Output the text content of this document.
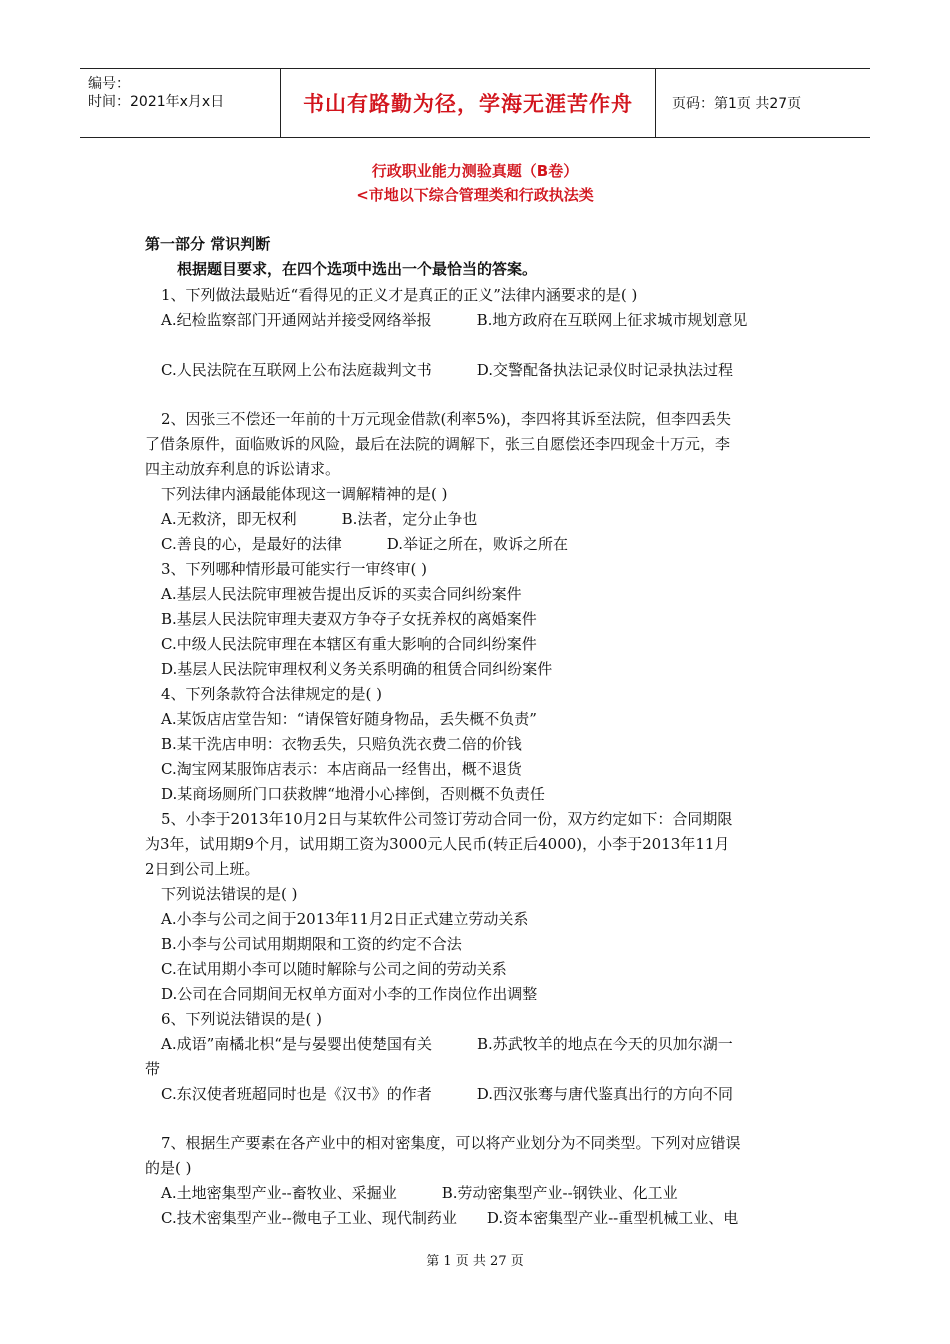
编号：
时间：2021年x月x日	书山有路勤为径，学海无涯苦作舟	页码：第1页 共27页
行政职业能力测验真题（B卷）
<市地以下综合管理类和行政执法类
第一部分 常识判断
根据题目要求，在四个选项中选出一个最恰当的答案。
1、下列做法最贴近“看得见的正义才是真正的正义”法律内涵要求的是( )
A.纪检监察部门开通网站并接受网络举报　　　B.地方政府在互联网上征求城市规划意见
C.人民法院在互联网上公布法庭裁判文书　　　D.交警配备执法记录仪时记录执法过程
2、因张三不偿还一年前的十万元现金借款(利率5%)，李四将其诉至法院，但李四丢失
了借条原件，面临败诉的风险，最后在法院的调解下，张三自愿偿还李四现金十万元，李
四主动放弃利息的诉讼请求。
下列法律内涵最能体现这一调解精神的是( )
A.无救济，即无权利　　　B.法者，定分止争也
C.善良的心，是最好的法律　　　D.举证之所在，败诉之所在
3、下列哪种情形最可能实行一审终审( )
A.基层人民法院审理被告提出反诉的买卖合同纠纷案件
B.基层人民法院审理夫妻双方争夺子女抚养权的离婚案件
C.中级人民法院审理在本辖区有重大影响的合同纠纷案件
D.基层人民法院审理权利义务关系明确的租赁合同纠纷案件
4、下列条款符合法律规定的是( )
A.某饭店店堂告知：“请保管好随身物品，丢失概不负责”
B.某干洗店申明：衣物丢失，只赔负洗衣费二倍的价钱
C.淘宝网某服饰店表示：本店商品一经售出，概不退货
D.某商场厕所门口获救牌“地滑小心摔倒，否则概不负责任
5、小李于2013年10月2日与某软件公司签订劳动合同一份，双方约定如下：合同期限
为3年，试用期9个月，试用期工资为3000元人民币(转正后4000)，小李于2013年11月
2日到公司上班。
下列说法错误的是( )
A.小李与公司之间于2013年11月2日正式建立劳动关系
B.小李与公司试用期期限和工资的约定不合法
C.在试用期小李可以随时解除与公司之间的劳动关系
D.公司在合同期间无权单方面对小李的工作岗位作出调整
6、下列说法错误的是( )
A.成语”南橘北枳“是与晏婴出使楚国有关　　　B.苏武牧羊的地点在今天的贝加尔湖一
带
C.东汉使者班超同时也是《汉书》的作者　　　D.西汉张骞与唐代鉴真出行的方向不同
7、根据生产要素在各产业中的相对密集度，可以将产业划分为不同类型。下列对应错误
的是( )
A.土地密集型产业--畜牧业、采掘业　　　B.劳动密集型产业--钢铁业、化工业
C.技术密集型产业--微电子工业、现代制药业　　D.资本密集型产业--重型机械工业、电
第 1 页 共 27 页
